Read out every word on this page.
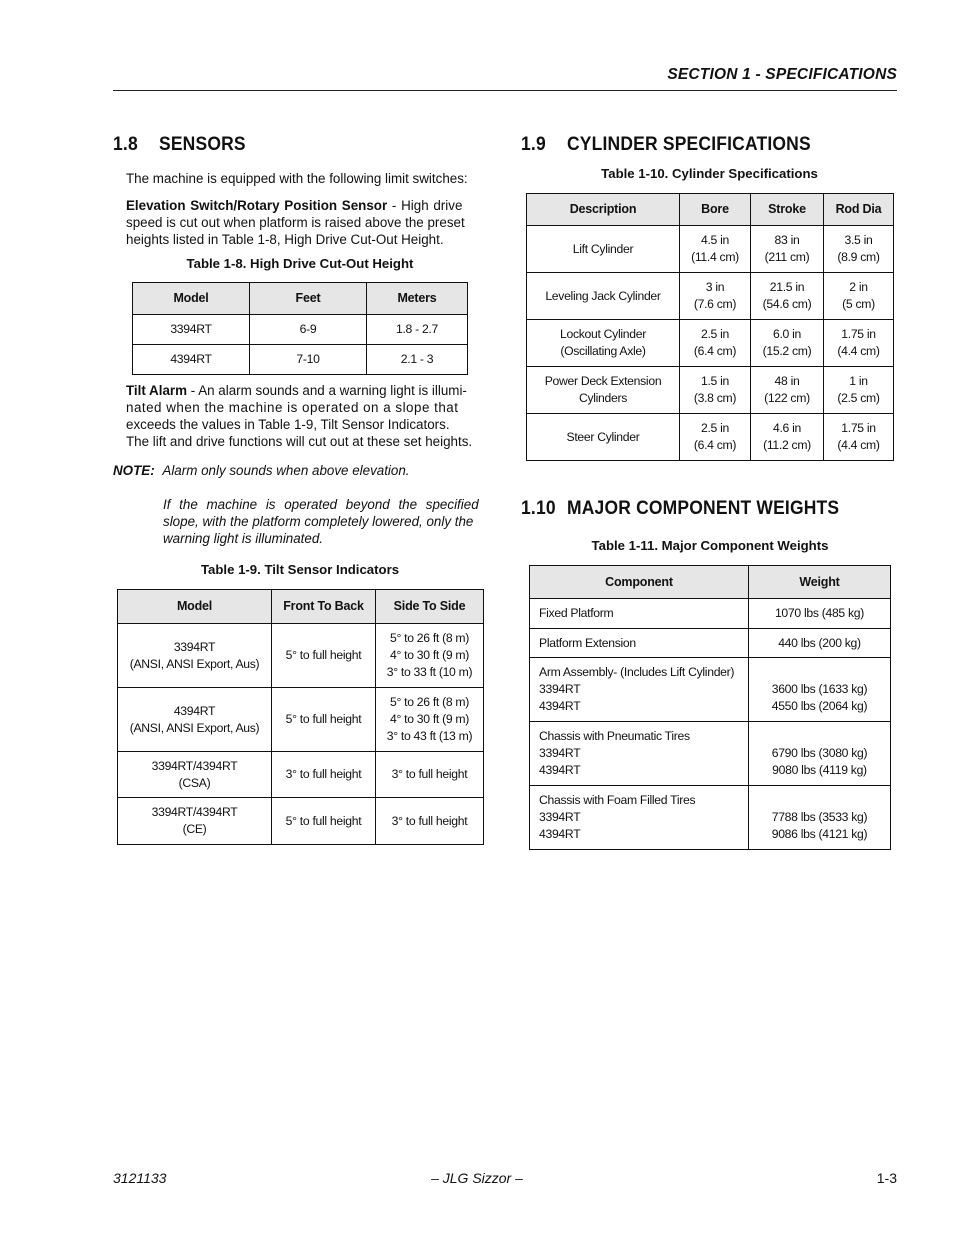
SECTION 1 - SPECIFICATIONS
1.8 SENSORS
The machine is equipped with the following limit switches:
Elevation Switch/Rotary Position Sensor - High drive
speed is cut out when platform is raised above the preset
heights listed in Table 1-8, High Drive Cut-Out Height.
Table 1-8. High Drive Cut-Out Height
Model	Feet	Meters
3394RT	6-9	1.8 - 2.7
4394RT	7-10	2.1 - 3
Tilt Alarm - An alarm sounds and a warning light is illumi-
nated when the machine is operated on a slope that
exceeds the values in Table 1-9, Tilt Sensor Indicators.
The lift and drive functions will cut out at these set heights.
NOTE: Alarm only sounds when above elevation.
If the machine is operated beyond the specified
slope, with the platform completely lowered, only the
warning light is illuminated.
Table 1-9. Tilt Sensor Indicators
Model	Front To Back	Side To Side

3394RT
(ANSI, ANSI Export, Aus)	5° to full height	5° to 26 ft (8 m)
4° to 30 ft (9 m)
3° to 33 ft (10 m)

4394RT
(ANSI, ANSI Export, Aus)	5° to full height	5° to 26 ft (8 m)
4° to 30 ft (9 m)
3° to 43 ft (13 m)

3394RT/4394RT
(CSA)	3° to full height	3° to full height

3394RT/4394RT
(CE)	5° to full height	3° to full height
1.9 CYLINDER SPECIFICATIONS
Table 1-10. Cylinder Specifications
Description	Bore	Stroke	Rod Dia
Lift Cylinder	4.5 in
(11.4 cm)	83 in
(211 cm)	3.5 in
(8.9 cm)

Leveling Jack Cylinder	3 in
(7.6 cm)	21.5 in
(54.6 cm)	2 in
(5 cm)

Lockout Cylinder
(Oscillating Axle)	2.5 in
(6.4 cm)	6.0 in
(15.2 cm)	1.75 in
(4.4 cm)

Power Deck Extension
Cylinders	1.5 in
(3.8 cm)	48 in
(122 cm)	1 in
(2.5 cm)

Steer Cylinder	2.5 in
(6.4 cm)	4.6 in
(11.2 cm)	1.75 in
(4.4 cm)
1.10 MAJOR COMPONENT WEIGHTS
Table 1-11. Major Component Weights
Component	Weight
Fixed Platform	1070 lbs (485 kg)
Platform Extension	440 lbs (200 kg)

Arm Assembly- (Includes Lift Cylinder)
3394RT
4394RT	3600 lbs (1633 kg)
4550 lbs (2064 kg)

Chassis with Pneumatic Tires
3394RT
4394RT	6790 lbs (3080 kg)
9080 lbs (4119 kg)

Chassis with Foam Filled Tires
3394RT
4394RT	7788 lbs (3533 kg)
9086 lbs (4121 kg)
3121133	– JLG Sizzor –	1-3
